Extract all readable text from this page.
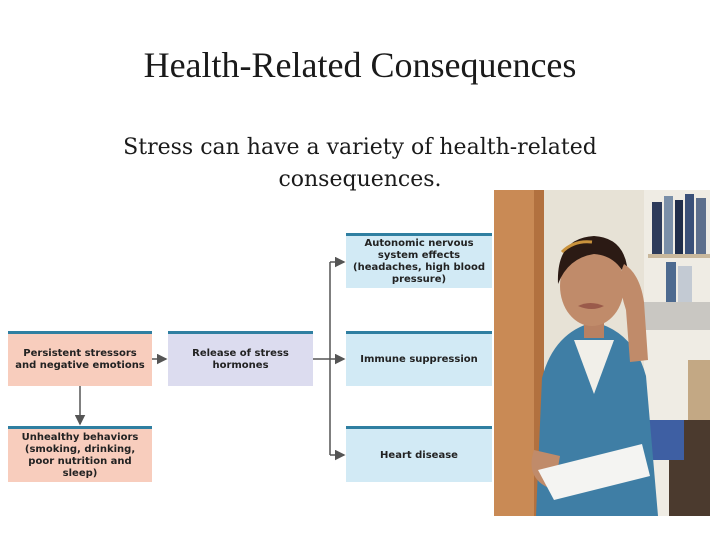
Health-Related Consequences
Stress can have a variety of health-related consequences.
Persistent stressors and negative emotions
Unhealthy behaviors (smoking, drinking, poor nutrition and sleep)
Release of stress hormones
Autonomic nervous system effects (headaches, high blood pressure)
Immune suppression
Heart disease
